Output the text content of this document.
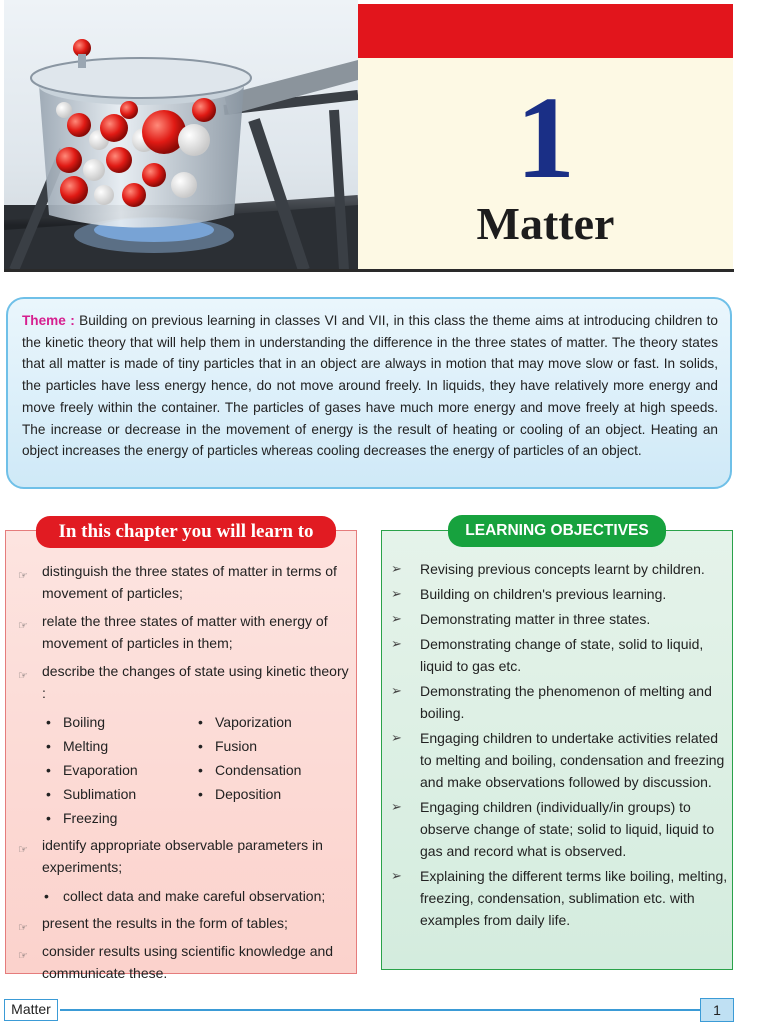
1
Matter
Theme : Building on previous learning in classes VI and VII, in this class the theme aims at introducing children to the kinetic theory that will help them in understanding the difference in the three states of matter. The theory states that all matter is made of tiny particles that in an object are always in motion that may move slow or fast. In solids, the particles have less energy hence, do not move around freely. In liquids, they have relatively more energy and move freely within the container. The particles of gases have much more energy and move freely at high speeds. The increase or decrease in the movement of energy is the result of heating or cooling of an object. Heating an object increases the energy of particles whereas cooling decreases the energy of particles of an object.
In this chapter you will learn to
☞ distinguish the three states of matter in terms of movement of particles;
☞ relate the three states of matter with energy of movement of particles in them;
☞ describe the changes of state using kinetic theory :
• Boiling	• Vaporization
• Melting	• Fusion
• Evaporation	• Condensation
• Sublimation	• Deposition
• Freezing
☞ identify appropriate observable parameters in experiments;
• collect data and make careful observation;
☞ present the results in the form of tables;
☞ consider results using scientific knowledge and communicate these.
LEARNING OBJECTIVES
➢ Revising previous concepts learnt by children.
➢ Building on children's previous learning.
➢ Demonstrating matter in three states.
➢ Demonstrating change of state, solid to liquid, liquid to gas etc.
➢ Demonstrating the phenomenon of melting and boiling.
➢ Engaging children to undertake activities related to melting and boiling, condensation and freezing and make observations followed by discussion.
➢ Engaging children (individually/in groups) to observe change of state; solid to liquid, liquid to gas and record what is observed.
➢ Explaining the different terms like boiling, melting, freezing, condensation, sublimation etc. with examples from daily life.
Matter	1
